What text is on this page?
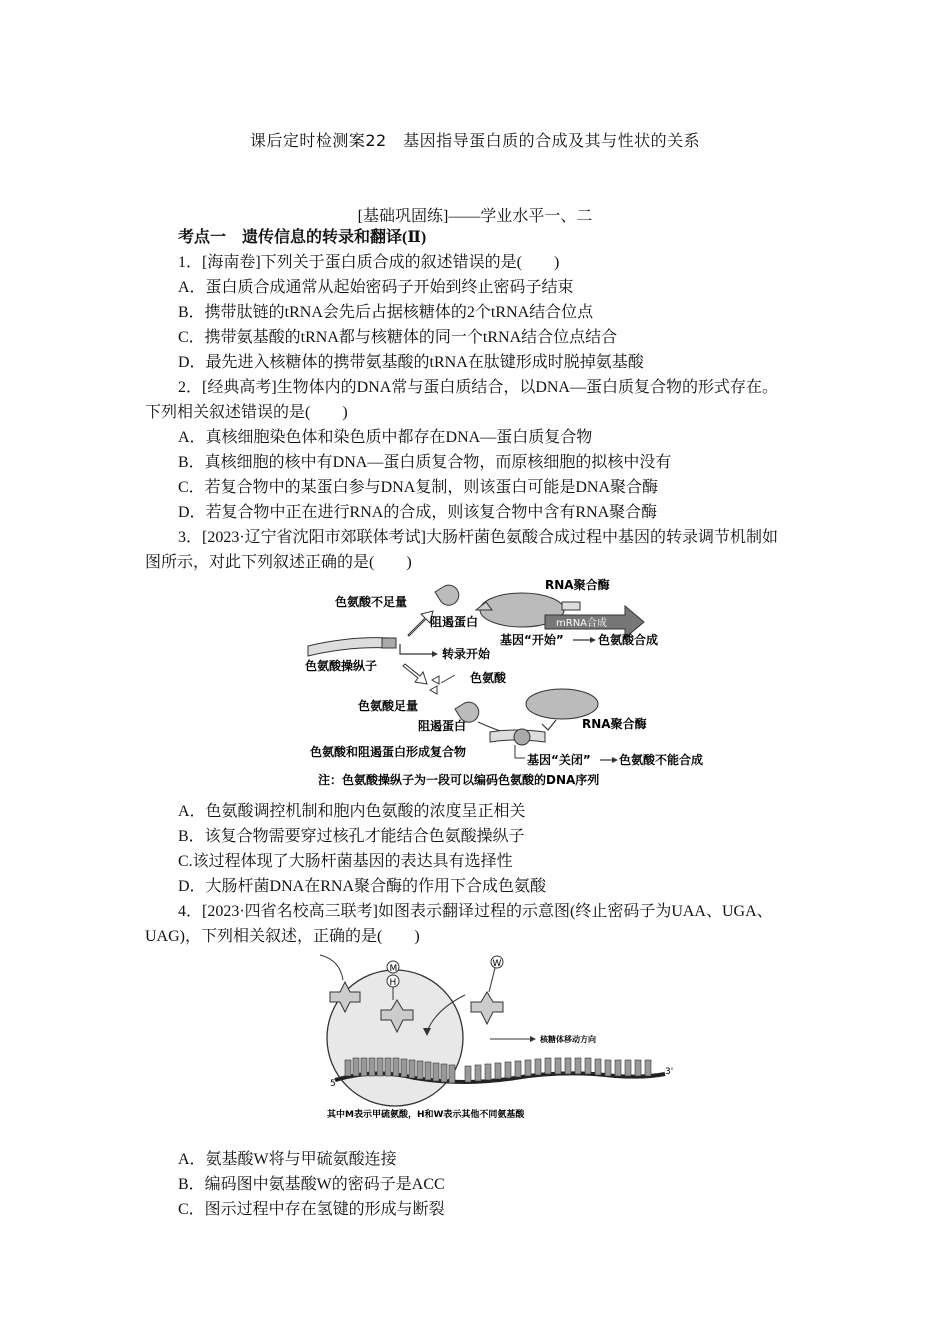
课后定时检测案22　基因指导蛋白质的合成及其与性状的关系
[基础巩固练]——学业水平一、二
考点一　遗传信息的转录和翻译(Ⅱ)
1．[海南卷]下列关于蛋白质合成的叙述错误的是(　　)
A．蛋白质合成通常从起始密码子开始到终止密码子结束
B．携带肽链的tRNA会先后占据核糖体的2个tRNA结合位点
C．携带氨基酸的tRNA都与核糖体的同一个tRNA结合位点结合
D．最先进入核糖体的携带氨基酸的tRNA在肽键形成时脱掉氨基酸
2．[经典高考]生物体内的DNA常与蛋白质结合，以DNA—蛋白质复合物的形式存在。
下列相关叙述错误的是(　　)
A．真核细胞染色体和染色质中都存在DNA—蛋白质复合物
B．真核细胞的核中有DNA—蛋白质复合物，而原核细胞的拟核中没有
C．若复合物中的某蛋白参与DNA复制，则该蛋白可能是DNA聚合酶
D．若复合物中正在进行RNA的合成，则该复合物中含有RNA聚合酶
3．[2023·辽宁省沈阳市郊联体考试]大肠杆菌色氨酸合成过程中基因的转录调节机制如
图所示，对此下列叙述正确的是(　　)
色氨酸不足量
RNA聚合酶
阻遏蛋白	mRNA合成
基因“开始”	色氨酸合成
色氨酸操纵子
转录开始
色氨酸
色氨酸足量
RNA聚合酶
阻遏蛋白
色氨酸和阻遏蛋白形成复合物
基因“关闭” 色氨酸不能合成
注：色氨酸操纵子为一段可以编码色氨酸的DNA序列
A．色氨酸调控机制和胞内色氨酸的浓度呈正相关
B．该复合物需要穿过核孔才能结合色氨酸操纵子
C.该过程体现了大肠杆菌基因的表达具有选择性
D．大肠杆菌DNA在RNA聚合酶的作用下合成色氨酸
4．[2023·四省名校高三联考]如图表示翻译过程的示意图(终止密码子为UAA、UGA、
UAG)，下列相关叙述，正确的是(　　)
M
H
W
5'
3'
核糖体移动方向
其中M表示甲硫氨酸，H和W表示其他不同氨基酸
A．氨基酸W将与甲硫氨酸连接
B．编码图中氨基酸W的密码子是ACC
C．图示过程中存在氢键的形成与断裂
